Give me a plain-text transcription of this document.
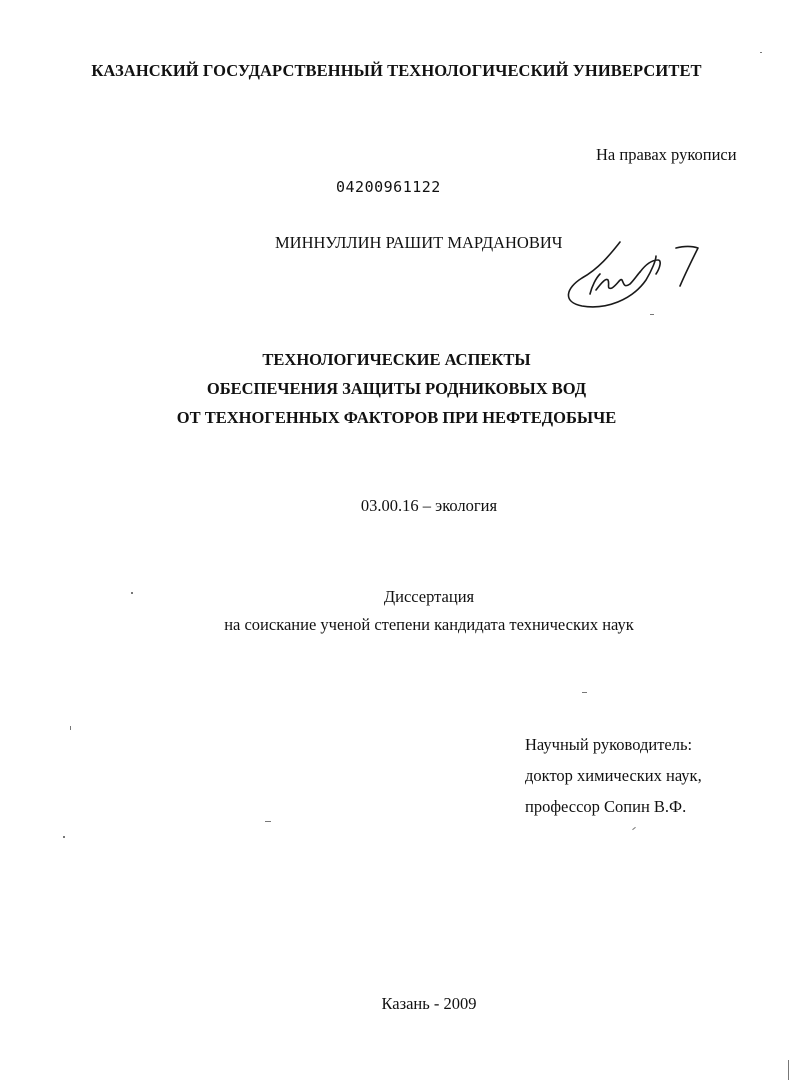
КАЗАНСКИЙ ГОСУДАРСТВЕННЫЙ ТЕХНОЛОГИЧЕСКИЙ УНИВЕРСИТЕТ
На правах рукописи
04200961122
МИННУЛЛИН РАШИТ МАРДАНОВИЧ
ТЕХНОЛОГИЧЕСКИЕ АСПЕКТЫ
ОБЕСПЕЧЕНИЯ ЗАЩИТЫ РОДНИКОВЫХ ВОД
ОТ ТЕХНОГЕННЫХ ФАКТОРОВ ПРИ НЕФТЕДОБЫЧЕ
03.00.16 – экология
Диссертация
на соискание ученой степени кандидата технических наук
Научный руководитель:
доктор химических наук,
профессор Сопин В.Ф.
Казань - 2009
